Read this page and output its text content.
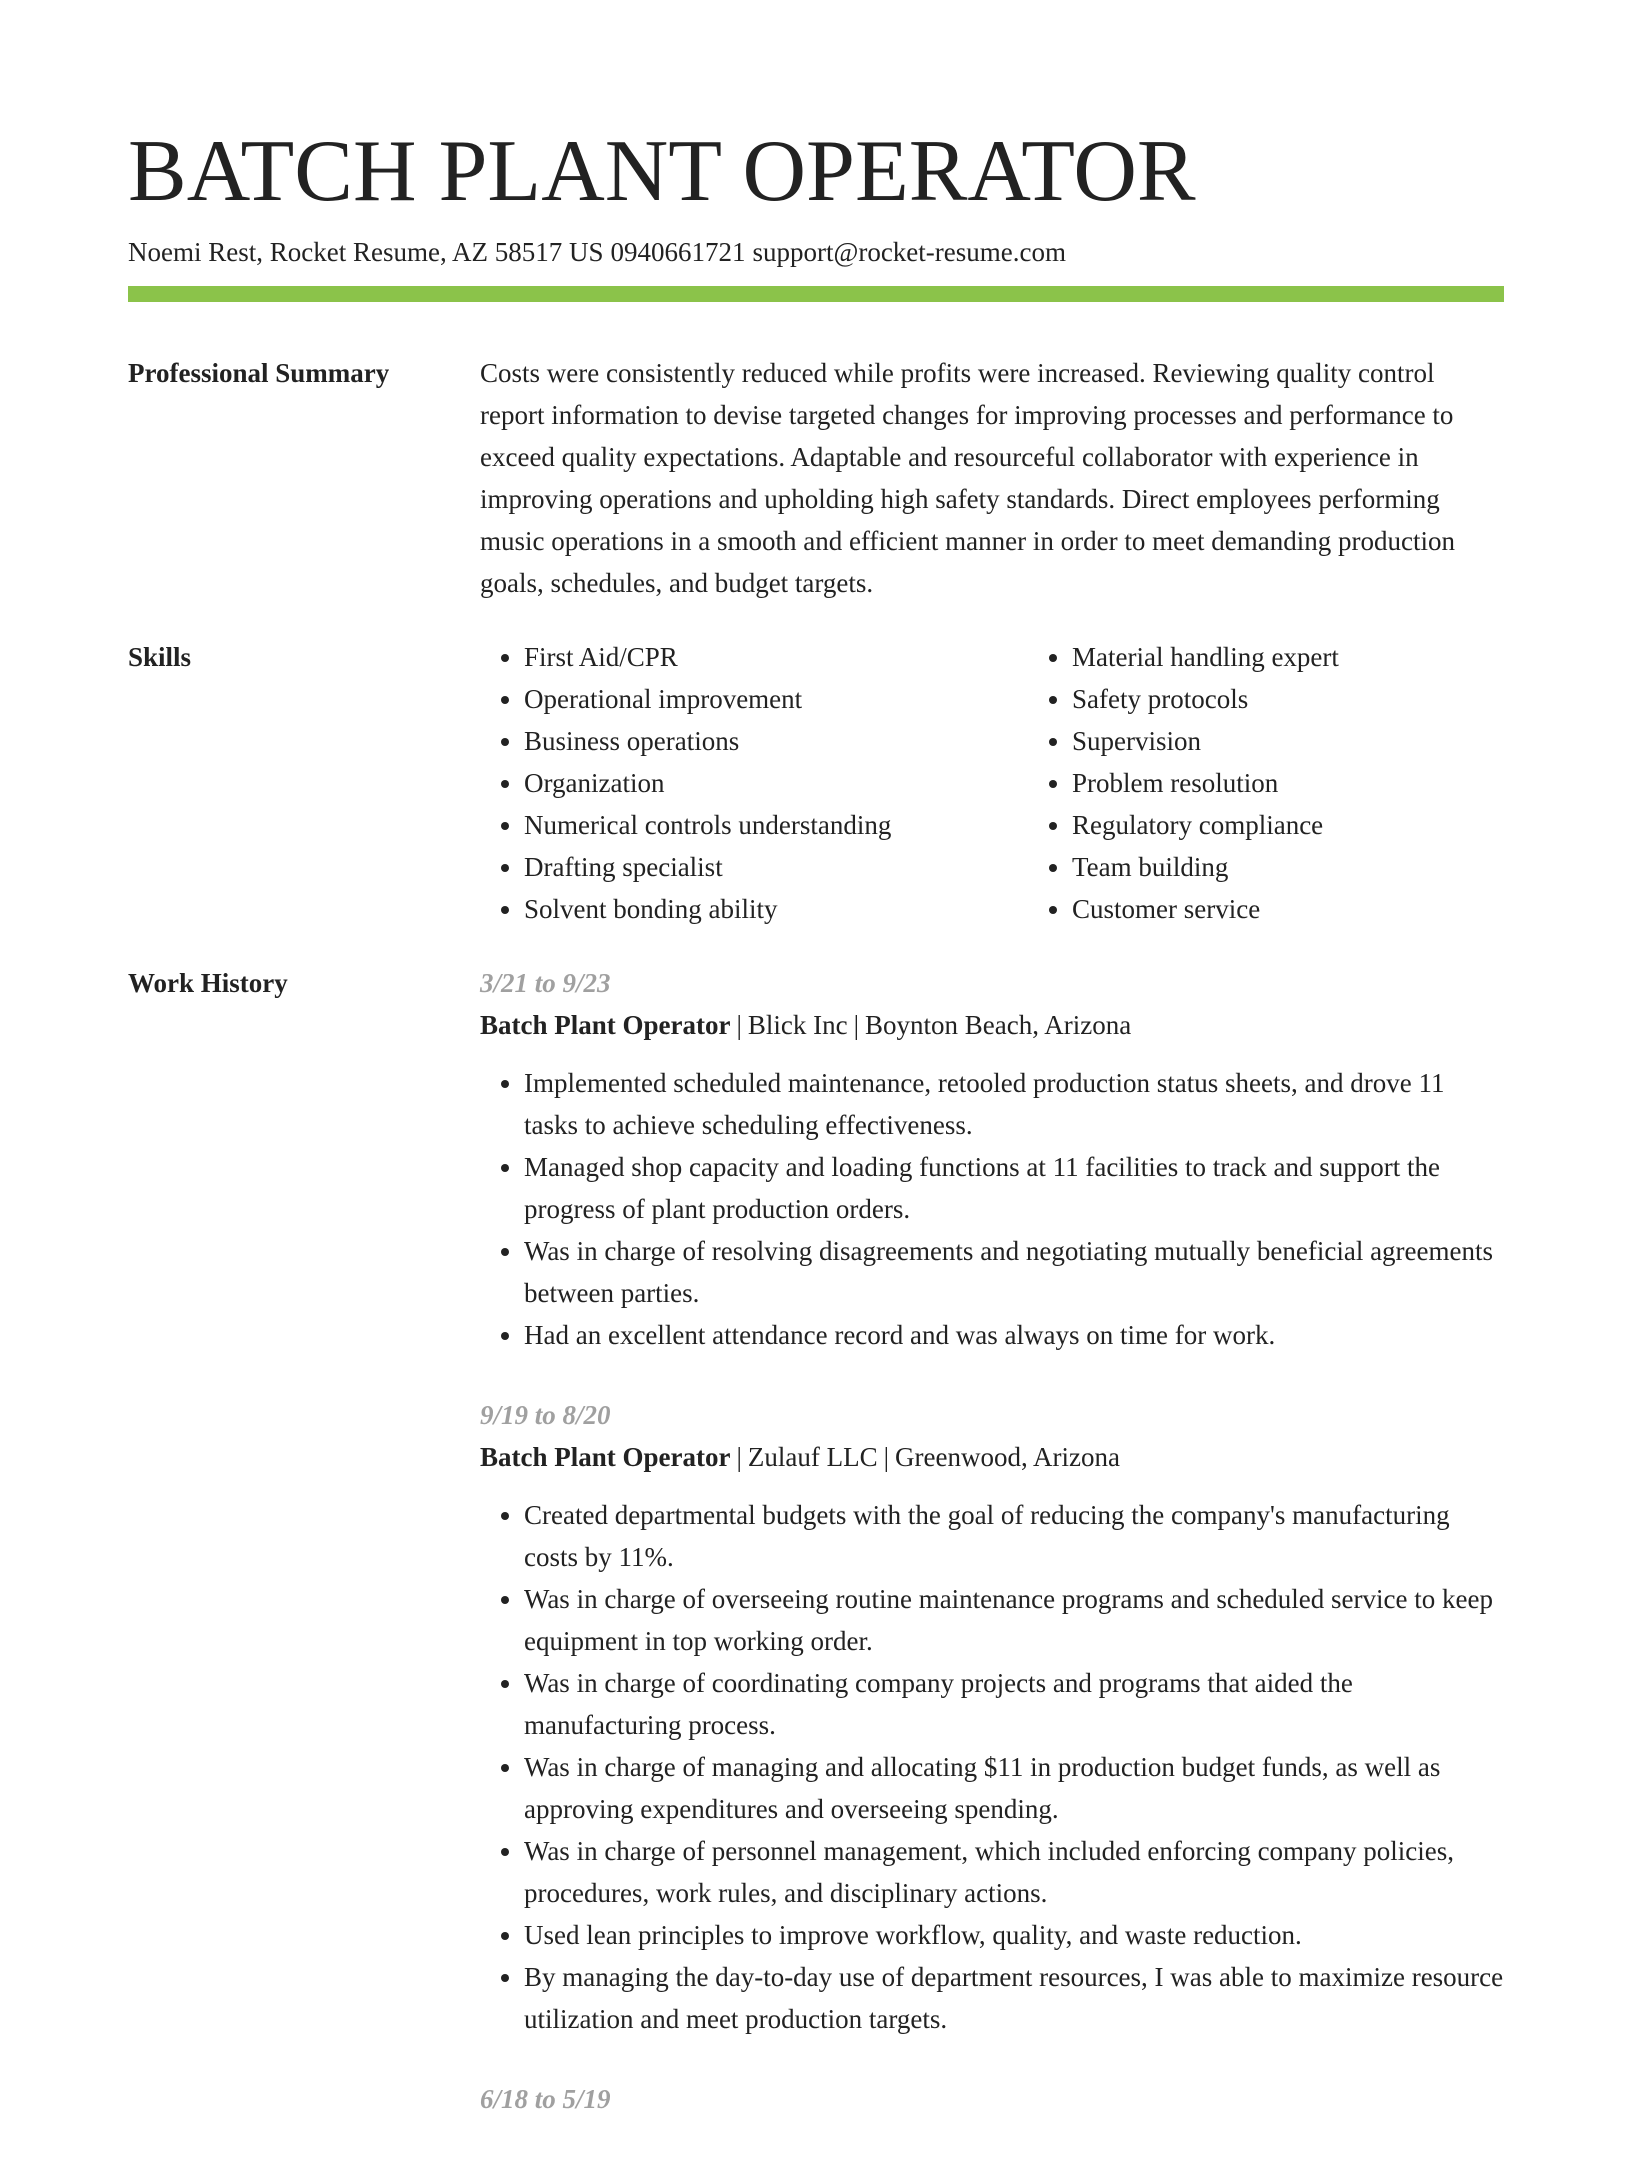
BATCH PLANT OPERATOR
Noemi Rest, Rocket Resume, AZ 58517 US 0940661721 support@rocket-resume.com
Professional Summary	Costs were consistently reduced while profits were increased. Reviewing quality control report information to devise targeted changes for improving processes and performance to exceed quality expectations. Adaptable and resourceful collaborator with experience in improving operations and upholding high safety standards. Direct employees performing music operations in a smooth and efficient manner in order to meet demanding production goals, schedules, and budget targets.
Skills
•	First Aid/CPR
• Operational improvement
• Business operations
• Organization
• Numerical controls understanding
• Drafting specialist
• Solvent bonding ability
• Material handling expert
• Safety protocols
• Supervision
• Problem resolution
• Regulatory compliance
• Team building
• Customer service
Work History	3/21 to 9/23
Batch Plant Operator | Blick Inc | Boynton Beach, Arizona
• Implemented scheduled maintenance, retooled production status sheets, and drove 11 tasks to achieve scheduling effectiveness.
• Managed shop capacity and loading functions at 11 facilities to track and support the progress of plant production orders.
• Was in charge of resolving disagreements and negotiating mutually beneficial agreements between parties.
• Had an excellent attendance record and was always on time for work.
9/19 to 8/20
Batch Plant Operator | Zulauf LLC | Greenwood, Arizona
• Created departmental budgets with the goal of reducing the company's manufacturing costs by 11%.
• Was in charge of overseeing routine maintenance programs and scheduled service to keep equipment in top working order.
• Was in charge of coordinating company projects and programs that aided the manufacturing process.
• Was in charge of managing and allocating $11 in production budget funds, as well as approving expenditures and overseeing spending.
• Was in charge of personnel management, which included enforcing company policies, procedures, work rules, and disciplinary actions.
• Used lean principles to improve workflow, quality, and waste reduction.
• By managing the day-to-day use of department resources, I was able to maximize resource utilization and meet production targets.
6/18 to 5/19
